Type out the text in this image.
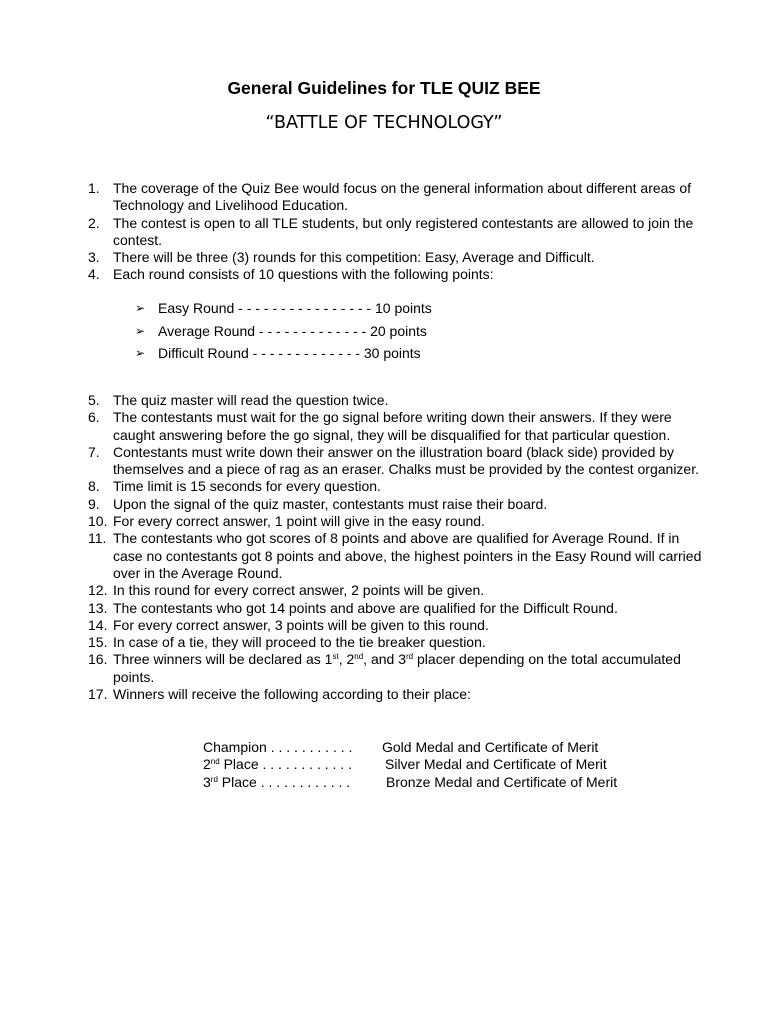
General Guidelines for TLE QUIZ BEE
“BATTLE OF TECHNOLOGY”
1. The coverage of the Quiz Bee would focus on the general information about different areas of Technology and Livelihood Education.
2. The contest is open to all TLE students, but only registered contestants are allowed to join the contest.
3. There will be three (3) rounds for this competition: Easy, Average and Difficult.
4. Each round consists of 10 questions with the following points:
➢ Easy Round - - - - - - - - - - - - - - - - 10 points
➢ Average Round - - - - - - - - - - - - - 20 points
➢ Difficult Round - - - - - - - - - - - - - 30 points
5. The quiz master will read the question twice.
6. The contestants must wait for the go signal before writing down their answers. If they were caught answering before the go signal, they will be disqualified for that particular question.
7. Contestants must write down their answer on the illustration board (black side) provided by themselves and a piece of rag as an eraser. Chalks must be provided by the contest organizer.
8. Time limit is 15 seconds for every question.
9. Upon the signal of the quiz master, contestants must raise their board.
10. For every correct answer, 1 point will give in the easy round.
11. The contestants who got scores of 8 points and above are qualified for Average Round. If in case no contestants got 8 points and above, the highest pointers in the Easy Round will carried over in the Average Round.
12. In this round for every correct answer, 2 points will be given.
13. The contestants who got 14 points and above are qualified for the Difficult Round.
14. For every correct answer, 3 points will be given to this round.
15. In case of a tie, they will proceed to the tie breaker question.
16. Three winners will be declared as 1st, 2nd, and 3rd placer depending on the total accumulated points.
17. Winners will receive the following according to their place:
Champion . . . . . . . . . . . Gold Medal and Certificate of Merit
2nd Place . . . . . . . . . . . . Silver Medal and Certificate of Merit
3rd Place . . . . . . . . . . . .	Bronze Medal and Certificate of Merit
